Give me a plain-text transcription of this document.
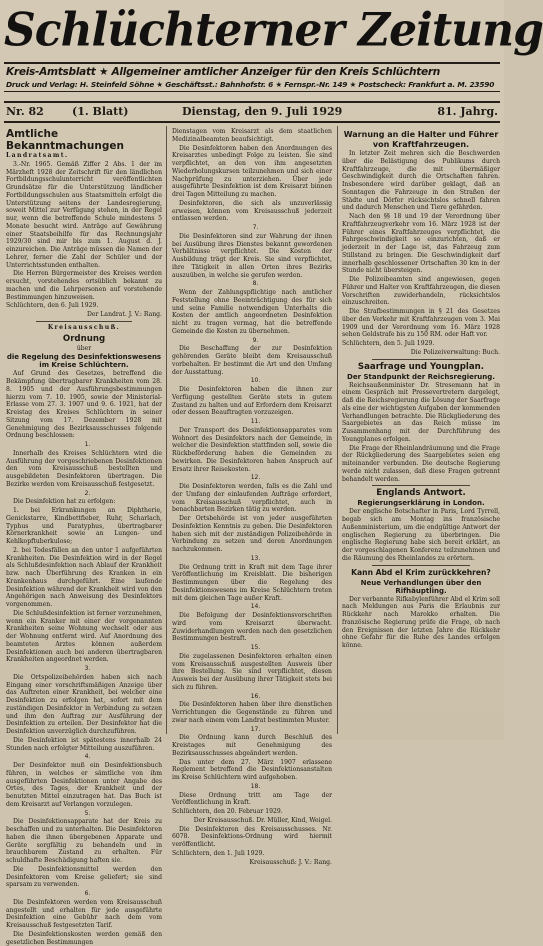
Schlüchterner Zeitung
Kreis-Amtsblatt ★ Allgemeiner amtlicher Anzeiger für den Kreis Schlüchtern
Druck und Verlag: H. Steinfeld Söhne ★ Geschäftsst.: Bahnhofstr. 6 ★ Fernspr.-Nr. 149 ★ Postscheck: Frankfurt a. M. 23590
Nr. 82	(1. Blatt)	Dienstag, den 9. Juli 1929	81. Jahrg.
Amtliche Bekanntmachungen

Landratsamt.

3.-Nr. 1965. Gemäß Ziffer 2 Abs. 1 der im Märzheft 1928 der Zeitschrift für den ländlichen Fortbildungsschulunterricht veröffentlichten Grundsätze für die Unterstützung ländlicher Fortbildungsschulen aus Staatsmitteln erfolgt die Unterstützung seitens der Landesregierung, soweit Mittel zur Verfügung stehen, in der Regel nur, wenn die betreffende Schule mindestens 5 Monate besucht wird. Anträge auf Gewährung einer Staatsbeihilfe für das Rechnungsjahr 1929/30 sind mir bis zum 1. August d. J. einzureichen. Die Anträge müssen die Namen der Lehrer, ferner die Zahl der Schüler und der Unterrichtsstunden enthalten.

Die Herren Bürgermeister des Kreises werden ersucht, vorstehendes ortsüblich bekannt zu machen und die Lehrpersonen auf vorstehende Bestimmungen hinzuweisen.

Schlüchtern, den 6. Juli 1929.

Der Landrat. J. V.: Rang.

Kreisausschuß.

Ordnung

über

die Regelung des Desinfektionswesens im Kreise Schlüchtern.

Auf Grund des Gesetzes, betreffend die Bekämpfung übertragbarer Krankheiten vom 28. 8. 1905 und der Ausführungsbestimmungen hierzu vom 7. 10. 1905, sowie der Ministerial-Erlasse vom 27. 3. 1907 und 9. 6. 1921, hat der Kreistag des Kreises Schlüchtern in seiner Sitzung vom 17. Dezember 1928 mit Genehmigung des Bezirksausschusses folgende Ordnung beschlossen:

1.

Innerhalb des Kreises Schlüchtern wird die Ausführung der vorgeschriebenen Desinfektionen den vom Kreisausschuß bestellten und ausgebildeten Desinfektoren übertragen. Die Bezirke werden vom Kreisausschuß festgesetzt.

2.

Die Desinfektion hat zu erfolgen:

1. bei Erkrankungen an Diphtherie, Genickstarre, Kindbettfieber, Ruhr, Scharlach, Typhus und Paratyphus, übertragbarer Körnerkrankheit sowie an Lungen- und Kehlkopftuberkulose;

2. bei Todesfällen an den unter 1 aufgeführten Krankheiten. Die Desinfektion wird in der Regel als Schlußdesinfektion nach Ablauf der Krankheit bzw. nach Überführung des Kranken in ein Krankenhaus durchgeführt. Eine laufende Desinfektion während der Krankheit wird von den Angehörigen nach Anweisung des Desinfektors vorgenommen.

Die Schlußdesinfektion ist ferner vorzunehmen, wenn ein Kranker mit einer der vorgenannten Krankheiten seine Wohnung wechselt oder aus der Wohnung entfernt wird. Auf Anordnung des beamteten Arztes können außerdem Desinfektionen auch bei anderen übertragbaren Krankheiten angeordnet werden.

3.

Die Ortspolizeibehörden haben sich nach Eingang einer vorschriftsmäßigen Anzeige über das Auftreten einer Krankheit, bei welcher eine Desinfektion zu erfolgen hat, sofort mit dem zuständigen Desinfektor in Verbindung zu setzen und ihm den Auftrag zur Ausführung der Desinfektion zu erteilen. Der Desinfektor hat die Desinfektion unverzüglich durchzuführen.

Die Desinfektion ist spätestens innerhalb 24 Stunden nach erfolgter Mitteilung auszuführen.

4.

Der Desinfektor muß ein Desinfektionsbuch führen, in welches er sämtliche von ihm ausgeführten Desinfektionen unter Angabe des Ortes, des Tages, der Krankheit und der benutzten Mittel einzutragen hat. Das Buch ist dem Kreisarzt auf Verlangen vorzulegen.

5.

Die Desinfektionsapparate hat der Kreis zu beschaffen und zu unterhalten. Die Desinfektoren haben die ihnen übergebenen Apparate und Geräte sorgfältig zu behandeln und in brauchbarem Zustand zu erhalten. Für schuldhafte Beschädigung haften sie.

Die Desinfektionsmittel werden den Desinfektoren vom Kreise geliefert; sie sind sparsam zu verwenden.

6.

Die Desinfektoren werden vom Kreisausschuß angestellt und erhalten für jede ausgeführte Desinfektion eine Gebühr nach dem vom Kreisausschuß festgesetzten Tarif.

Die Desinfektionskosten werden gemäß den gesetzlichen Bestimmungen

Dienstagen vom Kreisarzt als dem staatlichen Medizinalbeamten beaufsichtigt.

Die Desinfektoren haben den Anordnungen des Kreisarztes unbedingt Folge zu leisten. Sie sind verpflichtet, an den von ihm angesetzten Wiederholungskursen teilzunehmen und sich einer Nachprüfung zu unterziehen. Über jede ausgeführte Desinfektion ist dem Kreisarzt binnen drei Tagen Mitteilung zu machen.

Desinfektoren, die sich als unzuverlässig erweisen, können vom Kreisausschuß jederzeit entlassen werden.

7.

Die Desinfektoren sind zur Wahrung der ihnen bei Ausübung ihres Dienstes bekannt gewordenen Verhältnisse verpflichtet. Die Kosten der Ausbildung trägt der Kreis. Sie sind verpflichtet, ihre Tätigkeit in allen Orten ihres Bezirks auszuüben, in welche sie gerufen werden.

8.

Wenn der Zahlungspflichtige nach amtlicher Feststellung ohne Beeinträchtigung des für sich und seine Familie notwendigen Unterhalts die Kosten der amtlich angeordneten Desinfektion nicht zu tragen vermag, hat die betreffende Gemeinde die Kosten zu übernehmen.

9.

Die Beschaffung der zur Desinfektion gehörenden Geräte bleibt dem Kreisausschuß vorbehalten. Er bestimmt die Art und den Umfang der Ausstattung.

10.

Die Desinfektoren haben die ihnen zur Verfügung gestellten Geräte stets in gutem Zustand zu halten und auf Erfordern dem Kreisarzt oder dessen Beauftragten vorzuzeigen.

11.

Der Transport des Desinfektionsapparates vom Wohnort des Desinfektors nach der Gemeinde, in welcher die Desinfektion stattfinden soll, sowie die Rückbeförderung haben die Gemeinden zu bewirken. Die Desinfektoren haben Anspruch auf Ersatz ihrer Reisekosten.

12.

Die Desinfektoren werden, falls es die Zahl und der Umfang der einlaufenden Aufträge erfordert, vom Kreisausschuß verpflichtet, auch in benachbarten Bezirken tätig zu werden.

Der Ortsbehörde ist von jeder ausgeführten Desinfektion Kenntnis zu geben. Die Desinfektoren haben sich mit der zuständigen Polizeibehörde in Verbindung zu setzen und deren Anordnungen nachzukommen.

13.

Die Ordnung tritt in Kraft mit dem Tage ihrer Veröffentlichung im Kreisblatt. Die bisherigen Bestimmungen über die Regelung des Desinfektionswesens im Kreise Schlüchtern treten mit dem gleichen Tage außer Kraft.

14.

Die Befolgung der Desinfektionsvorschriften wird vom Kreisarzt überwacht. Zuwiderhandlungen werden nach den gesetzlichen Bestimmungen bestraft.

15.

Die zugelassenen Desinfektoren erhalten einen vom Kreisausschuß ausgestellten Ausweis über ihre Bestellung. Sie sind verpflichtet, diesen Ausweis bei der Ausübung ihrer Tätigkeit stets bei sich zu führen.

16.

Die Desinfektoren haben über ihre dienstlichen Verrichtungen die Gegenstände zu führen und zwar nach einem vom Landrat bestimmten Muster.

17.

Die Ordnung kann durch Beschluß des Kreistages mit Genehmigung des Bezirksausschusses abgeändert werden.

Das unter dem 27. März 1907 erlassene Reglement betreffend die Desinfektionsanstalten im Kreise Schlüchtern wird aufgehoben.

18.

Diese Ordnung tritt am Tage der Veröffentlichung in Kraft.

Schlüchtern, den 20. Februar 1929.

Der Kreisausschuß. Dr. Müller, Kind, Weigel.

Die Desinfektoren des Kreisausschusses. Nr. 6078. Desinfektions-Ordnung wird hiermit veröffentlicht.

Schlüchtern, den 1. Juli 1929.

Kreisausschuß: J. V.: Rang.

Warnung an die Halter und Führer von Kraftfahrzeugen.

In letzter Zeit mehren sich die Beschwerden über die Belästigung des Publikums durch Kraftfahrzeuge, die mit übermäßiger Geschwindigkeit durch die Ortschaften fahren. Insbesondere wird darüber geklagt, daß an Sonntagen die Fahrzeuge in den Straßen der Städte und Dörfer rücksichtslos schnell fahren und dadurch Menschen und Tiere gefährden.

Nach den §§ 18 und 19 der Verordnung über Kraftfahrzeugverkehr vom 16. März 1928 ist der Führer eines Kraftfahrzeuges verpflichtet, die Fahrgeschwindigkeit so einzurichten, daß er jederzeit in der Lage ist, das Fahrzeug zum Stillstand zu bringen. Die Geschwindigkeit darf innerhalb geschlossener Ortschaften 30 km in der Stunde nicht übersteigen.

Die Polizeibeamten sind angewiesen, gegen Führer und Halter von Kraftfahrzeugen, die diesen Vorschriften zuwiderhandeln, rücksichtslos einzuschreiten.

Die Strafbestimmungen in § 21 des Gesetzes über den Verkehr mit Kraftfahrzeugen vom 3. Mai 1909 und der Verordnung vom 16. März 1928 sehen Geldstrafe bis zu 150 RM. oder Haft vor.

Schlüchtern, den 5. Juli 1929.

Die Polizeiverwaltung: Buch.

Saarfrage und Youngplan.
Der Standpunkt der Reichsregierung.

Reichsaußenminister Dr. Stresemann hat in einem Gespräch mit Pressevertretern dargelegt, daß die Reichsregierung die Lösung der Saarfrage als eine der wichtigsten Aufgaben der kommenden Verhandlungen betrachte. Die Rückgliederung des Saargebietes an das Reich müsse im Zusammenhang mit der Durchführung des Youngplanes erfolgen.

Die Frage der Rheinlandräumung und die Frage der Rückgliederung des Saargebietes seien eng miteinander verbunden. Die deutsche Regierung werde nicht zulassen, daß diese Fragen getrennt behandelt werden.

Englands Antwort.
Regierungserklärung in London.

Der englische Botschafter in Paris, Lord Tyrrell, begab sich am Montag ins französische Außenministerium, um die endgültige Antwort der englischen Regierung zu überbringen. Die englische Regierung habe sich bereit erklärt, an der vorgeschlagenen Konferenz teilzunehmen und die Räumung des Rheinlandes zu erörtern.

Kann Abd el Krim zurückkehren?
Neue Verhandlungen über den Rifhäuptling.

Der verbannte Rifkabylenführer Abd el Krim soll nach Meldungen aus Paris die Erlaubnis zur Rückkehr nach Marokko erhalten. Die französische Regierung prüfe die Frage, ob nach den Ereignissen der letzten Jahre die Rückkehr ohne Gefahr für die Ruhe des Landes erfolgen könne.
